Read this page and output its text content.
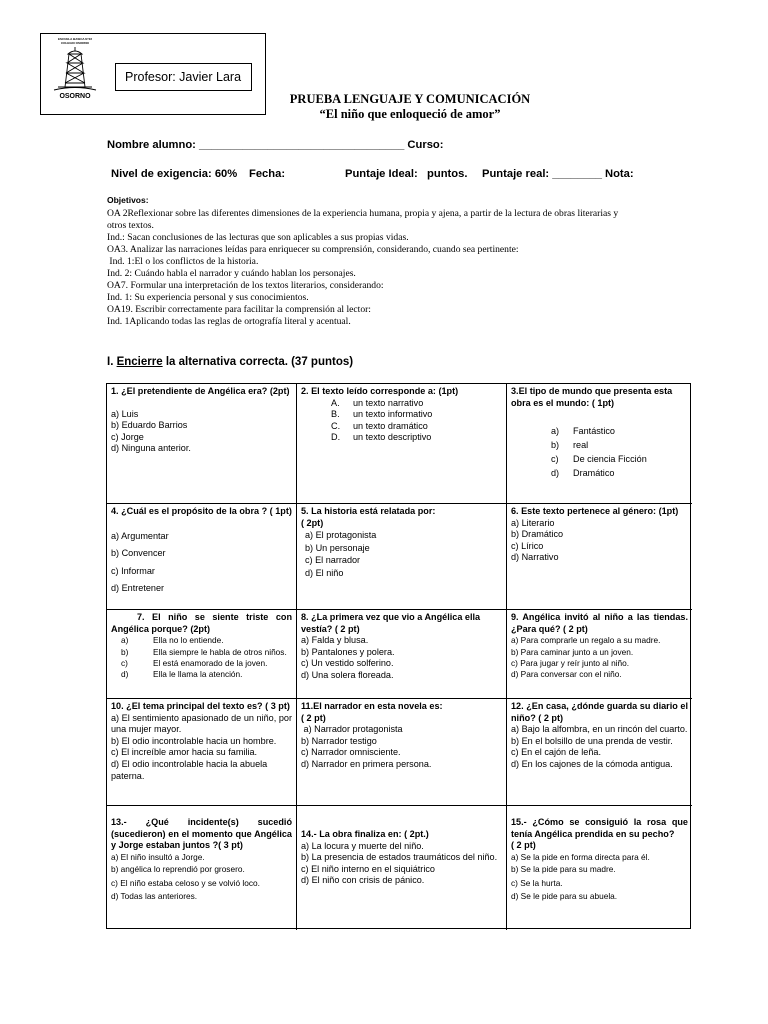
ESCUELA BASICA N°22
COLEGIO OSORNO
OSORNO
Profesor: Javier Lara
PRUEBA LENGUAJE Y COMUNICACIÓN
“El niño que enloqueció de amor”
Nombre alumno: _________________________________ Curso:
Nivel de exigencia: 60% Fecha:	Puntaje Ideal:   puntos. Puntaje real: ________ Nota:
Objetivos:
OA 2Reflexionar sobre las diferentes dimensiones de la experiencia humana, propia y ajena, a partir de la lectura de obras literarias y
otros textos.
Ind.: Sacan conclusiones de las lecturas que son aplicables a sus propias vidas.
OA3. Analizar las narraciones leídas para enriquecer su comprensión, considerando, cuando sea pertinente:
Ind. 1:El o los conflictos de la historia.
Ind. 2: Cuándo habla el narrador y cuándo hablan los personajes.
OA7. Formular una interpretación de los textos literarios, considerando:
Ind. 1: Su experiencia personal y sus conocimientos.
OA19. Escribir correctamente para facilitar la comprensión al lector:
Ind. 1Aplicando todas las reglas de ortografía literal y acentual.
I. Encierre la alternativa correcta. (37 puntos)
1. ¿El pretendiente de Angélica era? (2pt)
a) Luis
b) Eduardo Barrios
c) Jorge
d) Ninguna anterior.
2. El texto leído corresponde a: (1pt)
A. un texto narrativo
B. un texto informativo
C. un texto dramático
D. un texto descriptivo
3.El tipo de mundo que presenta esta obra es el mundo: ( 1pt)
a) Fantástico
b) real
c) De ciencia Ficción
d) Dramático
4. ¿Cuál es el propósito de la obra ? ( 1pt)
a) Argumentar
b) Convencer
c) Informar
d) Entretener
5. La historia está relatada por:
( 2pt)
a) El protagonista
b) Un personaje
c) El narrador
d) El niño
6. Este texto pertenece al género: (1pt)
a) Literario
b) Dramático
c) Lírico
d) Narrativo
7. El niño se siente triste con Angélica porque? (2pt)
a)	Ella no lo entiende.
b)	Ella siempre le habla de otros niños.
c)	El está enamorado de la joven.
d)	Ella le llama la atención.
8. ¿La primera vez que vio a Angélica ella vestía? ( 2 pt)
a) Falda y blusa.
b) Pantalones y polera.
c) Un vestido solferino.
d) Una solera floreada.
9. Angélica invitó al niño a las tiendas. ¿Para qué? ( 2 pt)
a) Para comprarle un regalo a su madre.
b) Para caminar junto a un joven.
c) Para jugar y reír junto al niño.
d) Para conversar con el niño.
10. ¿El tema principal del texto es? ( 3 pt)
a) El sentimiento apasionado de un niño, por una mujer mayor.
b) El odio incontrolable hacia un hombre.
c) El increíble amor hacia su familia.
d) El odio incontrolable hacia la abuela paterna.
11.El narrador en esta novela es:
( 2 pt)
a) Narrador protagonista
b) Narrador testigo
c) Narrador omnisciente.
d) Narrador en primera persona.
12. ¿En casa, ¿dónde guarda su diario el niño? ( 2 pt)
a) Bajo la alfombra, en un rincón del cuarto.
b) En el bolsillo de una prenda de vestir.
c) En el cajón de leña.
d) En los cajones de la cómoda antigua.
13.- ¿Qué incidente(s) sucedió (sucedieron) en el momento que Angélica y Jorge estaban juntos ?( 3 pt)
a) El niño insultó a Jorge.
b) angélica lo reprendió por grosero.
c) El niño estaba celoso y se volvió loco.
d) Todas las anteriores.
14.- La obra finaliza en: ( 2pt.)
a) La locura y muerte del niño.
b) La presencia de estados traumáticos del niño.
c) El niño interno en el siquiátrico
d) El niño con crisis de pánico.
15.- ¿Cómo se consiguió la rosa que tenía Angélica prendida en su pecho?
( 2 pt)
a) Se la pide en forma directa para él.
b) Se la pide para su madre.
c) Se la hurta.
d) Se le pide para su abuela.
